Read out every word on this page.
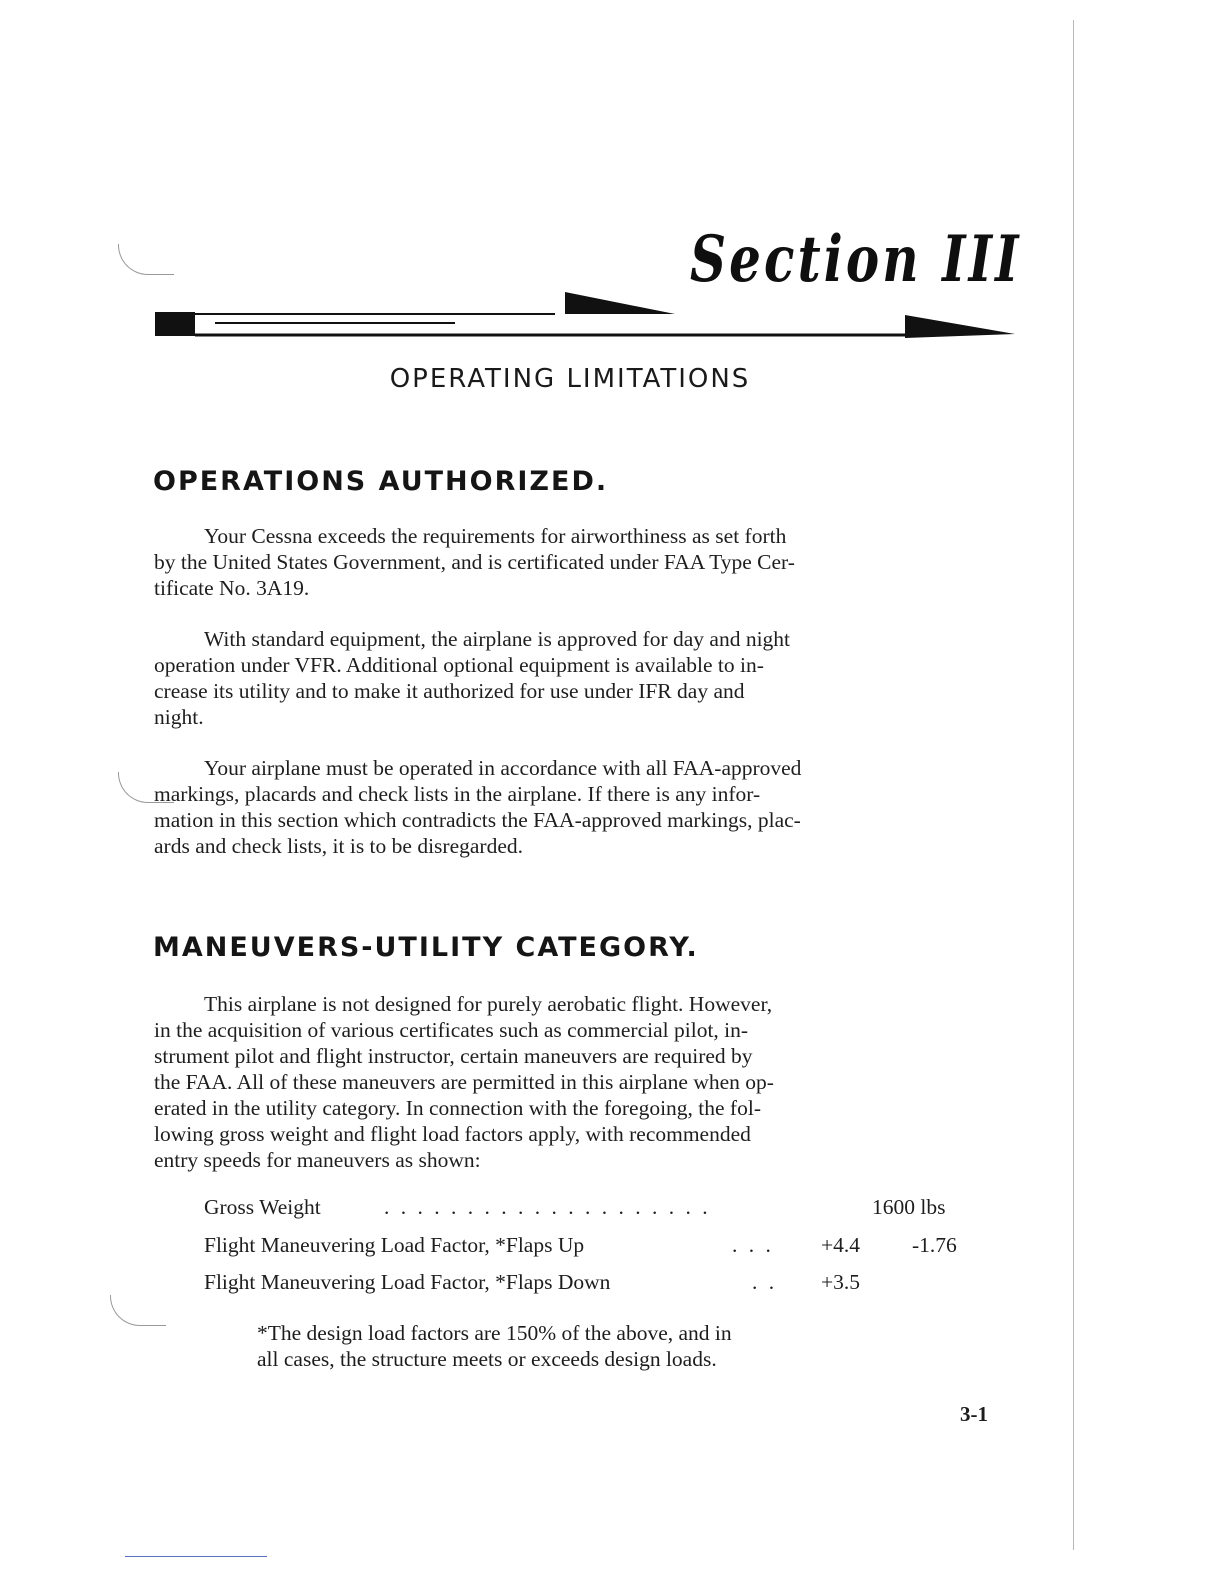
Section III
OPERATING LIMITATIONS
OPERATIONS AUTHORIZED.

Your Cessna exceeds the requirements for airworthiness as set forth
by the United States Government, and is certificated under FAA Type Cer-
tificate No. 3A19.

With standard equipment, the airplane is approved for day and night
operation under VFR. Additional optional equipment is available to in-
crease its utility and to make it authorized for use under IFR day and
night.

Your airplane must be operated in accordance with all FAA-approved
markings, placards and check lists in the airplane. If there is any infor-
mation in this section which contradicts the FAA-approved markings, plac-
ards and check lists, it is to be disregarded.

MANEUVERS-UTILITY CATEGORY.

This airplane is not designed for purely aerobatic flight. However,
in the acquisition of various certificates such as commercial pilot, in-
strument pilot and flight instructor, certain maneuvers are required by
the FAA. All of these maneuvers are permitted in this airplane when op-
erated in the utility category. In connection with the foregoing, the fol-
lowing gross weight and flight load factors apply, with recommended
entry speeds for maneuvers as shown:

Gross Weight	. . . . . . . . . . . . . . . . . . . .	1600 lbs
Flight Maneuvering Load Factor, *Flaps Up	. . . +4.4 -1.76
Flight Maneuvering Load Factor, *Flaps Down	. . +3.5

*The design load factors are 150% of the above, and in
all cases, the structure meets or exceeds design loads.

3-1
